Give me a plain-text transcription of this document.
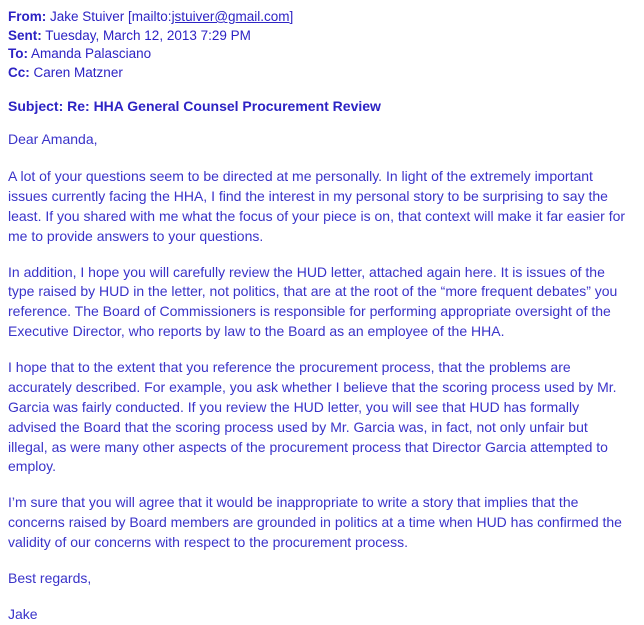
From: Jake Stuiver [mailto:jstuiver@gmail.com]
Sent: Tuesday, March 12, 2013 7:29 PM
To: Amanda Palasciano
Cc: Caren Matzner
Subject: Re: HHA General Counsel Procurement Review

Dear Amanda,

A lot of your questions seem to be directed at me personally. In light of the extremely important issues currently facing the HHA, I find the interest in my personal story to be surprising to say the least. If you shared with me what the focus of your piece is on, that context will make it far easier for me to provide answers to your questions.

In addition, I hope you will carefully review the HUD letter, attached again here. It is issues of the type raised by HUD in the letter, not politics, that are at the root of the “more frequent debates” you reference. The Board of Commissioners is responsible for performing appropriate oversight of the Executive Director, who reports by law to the Board as an employee of the HHA.

I hope that to the extent that you reference the procurement process, that the problems are accurately described. For example, you ask whether I believe that the scoring process used by Mr. Garcia was fairly conducted. If you review the HUD letter, you will see that HUD has formally advised the Board that the scoring process used by Mr. Garcia was, in fact, not only unfair but illegal, as were many other aspects of the procurement process that Director Garcia attempted to employ.

I’m sure that you will agree that it would be inappropriate to write a story that implies that the concerns raised by Board members are grounded in politics at a time when HUD has confirmed the validity of our concerns with respect to the procurement process.

Best regards,

Jake
